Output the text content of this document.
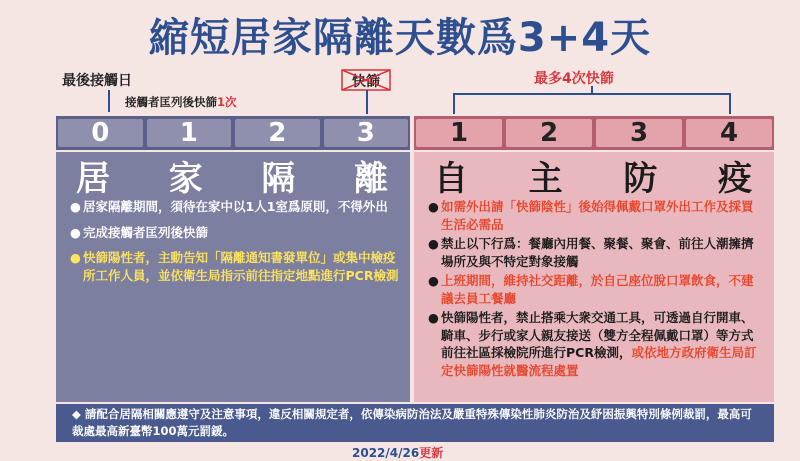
縮短居家隔離天數爲3+4天
最後接觸日
接觸者匡列後快篩1次
快篩	最多4次快篩
0	1	2	3	1	2	3	4
居 家 隔 離
● 居家隔離期間，須待在家中以1人1室爲原則，不得外出
● 完成接觸者匡列後快篩
● 快篩陽性者，主動告知「隔離通知書發單位」或集中檢疫所工作人員，並依衛生局指示前往指定地點進行PCR檢測
自 主 防 疫
● 如需外出請「快篩陰性」後始得佩戴口罩外出工作及採買生活必需品
● 禁止以下行爲：餐廳內用餐、聚餐、聚會、前往人潮擁擠場所及與不特定對象接觸
● 上班期間，維持社交距離，於自己座位脫口罩飲食，不建議去員工餐廳
● 快篩陽性者，禁止搭乘大衆交通工具，可透過自行開車、騎車、步行或家人親友接送（雙方全程佩戴口罩）等方式前往社區採檢院所進行PCR檢測，或依地方政府衛生局訂定快篩陽性就醫流程處置
◆ 請配合居隔相關應遵守及注意事項，違反相關規定者，依傳染病防治法及嚴重特殊傳染性肺炎防治及紓困振興特別條例裁罰，最高可裁處最高新臺幣100萬元罰鍰。
2022/4/26更新
